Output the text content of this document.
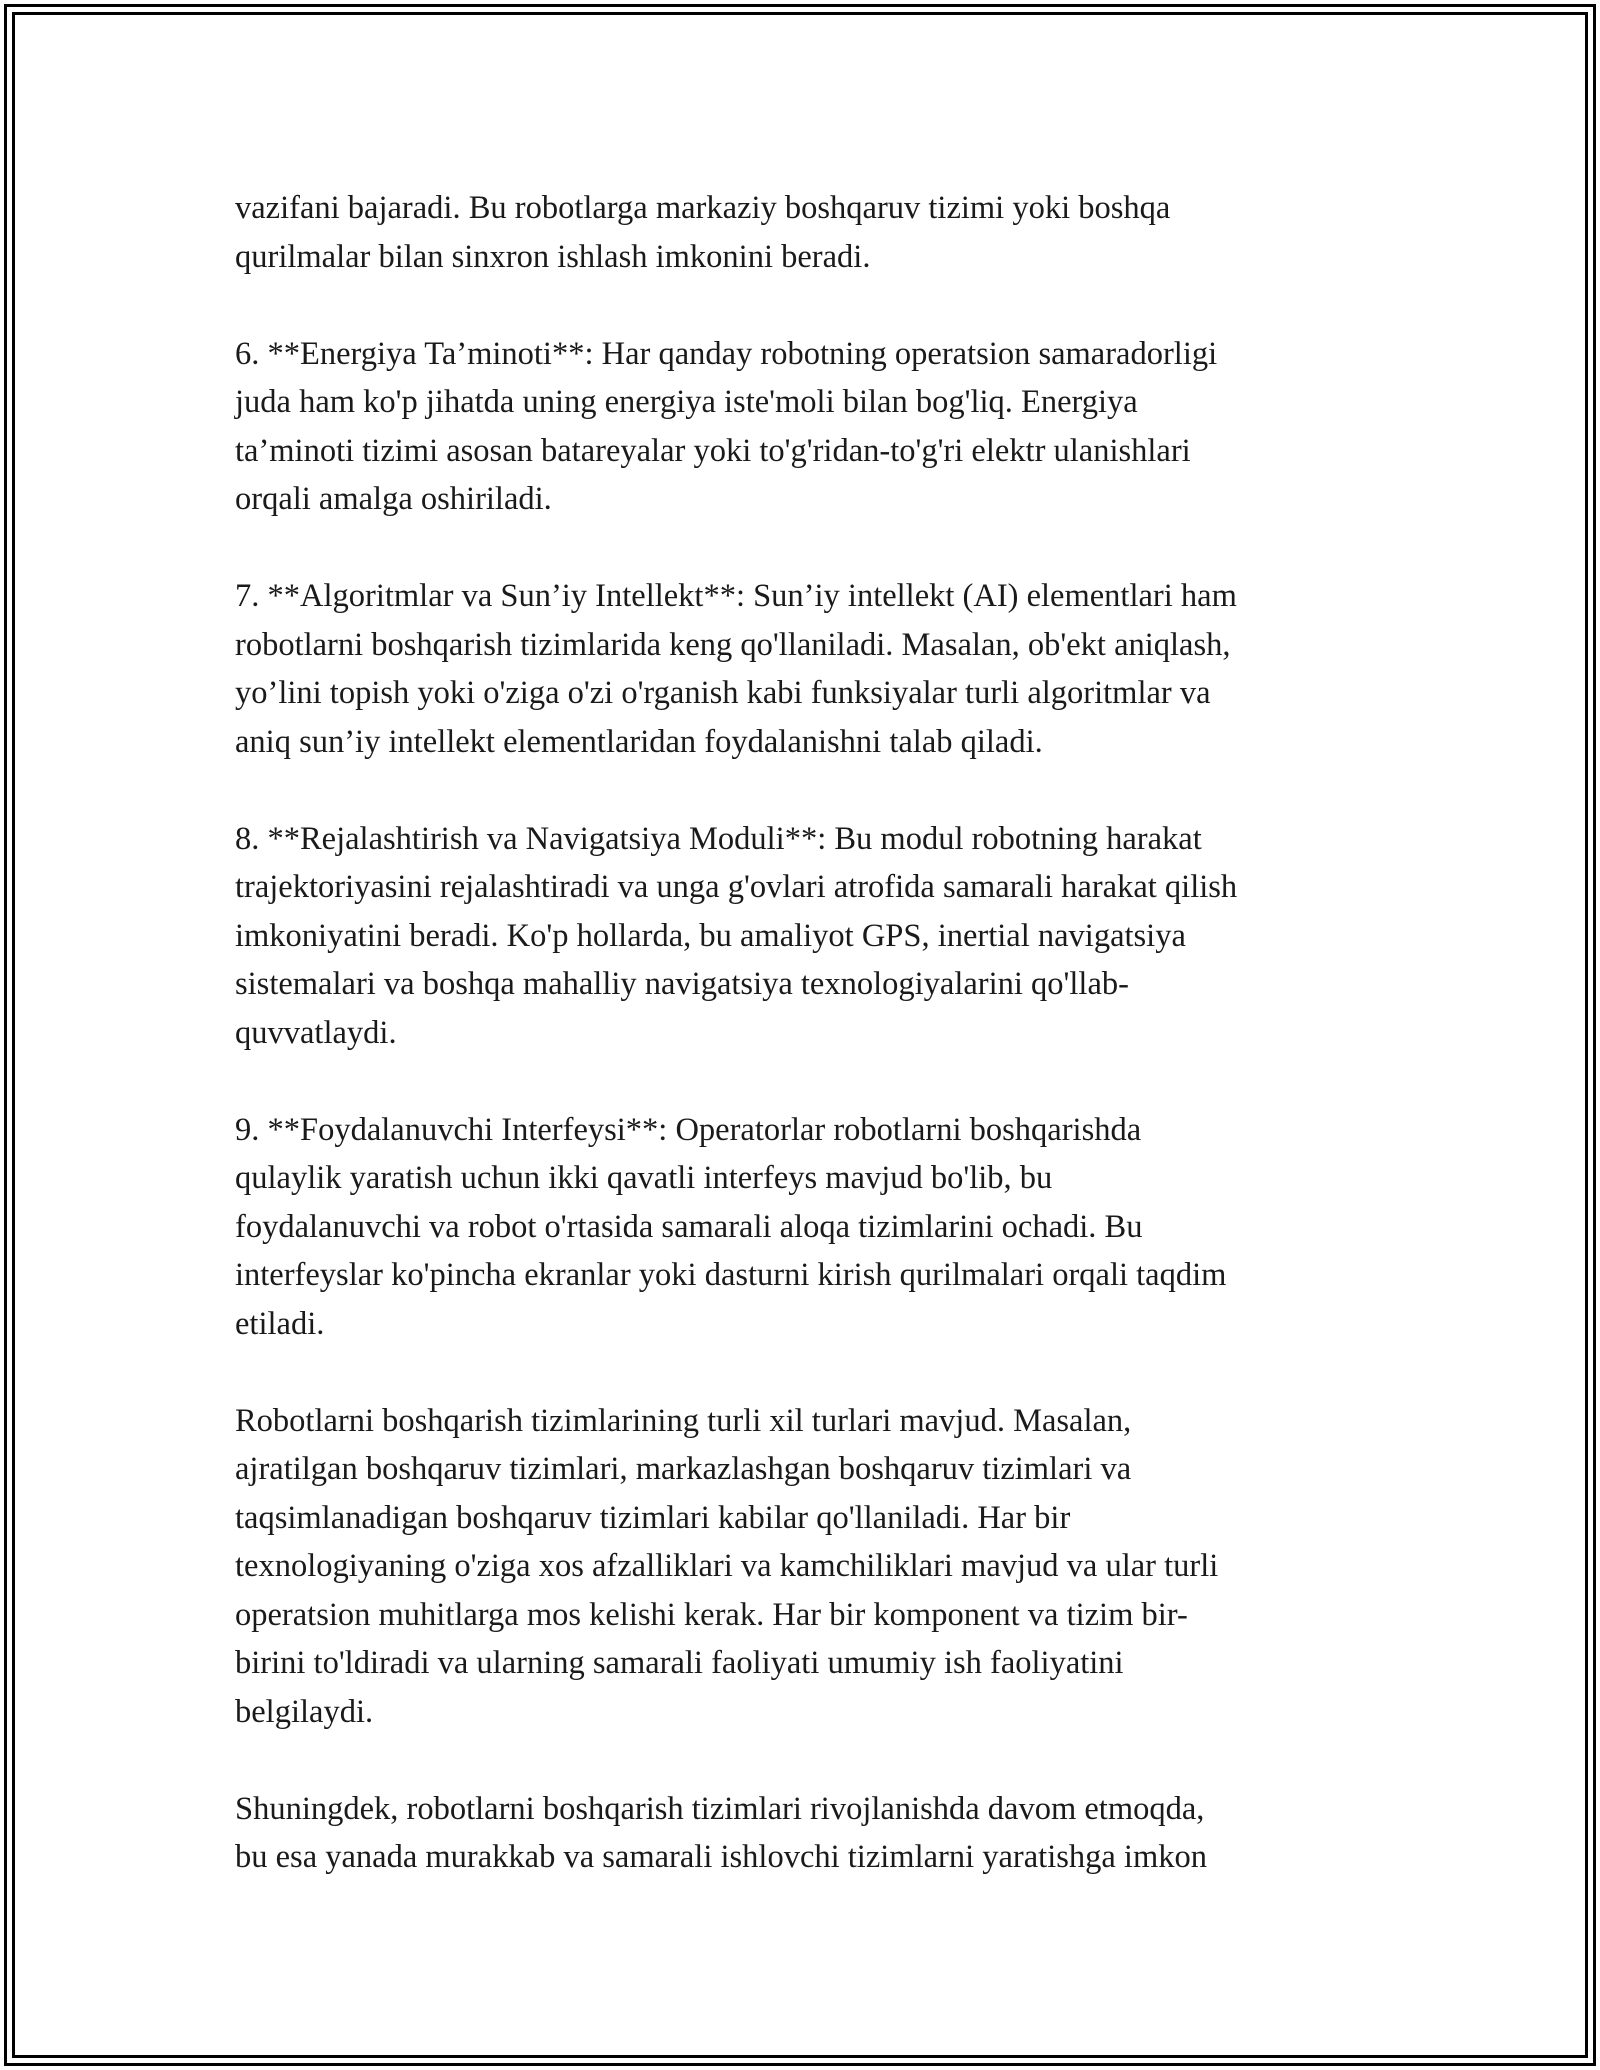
vazifani bajaradi. Bu robotlarga markaziy boshqaruv tizimi yoki boshqa
qurilmalar bilan sinxron ishlash imkonini beradi.

6. **Energiya Ta’minoti**: Har qanday robotning operatsion samaradorligi
juda ham ko'p jihatda uning energiya iste'moli bilan bog'liq. Energiya
ta’minoti tizimi asosan batareyalar yoki to'g'ridan-to'g'ri elektr ulanishlari
orqali amalga oshiriladi.

7. **Algoritmlar va Sun’iy Intellekt**: Sun’iy intellekt (AI) elementlari ham
robotlarni boshqarish tizimlarida keng qo'llaniladi. Masalan, ob'ekt aniqlash,
yo’lini topish yoki o'ziga o'zi o'rganish kabi funksiyalar turli algoritmlar va
aniq sun’iy intellekt elementlaridan foydalanishni talab qiladi.

8. **Rejalashtirish va Navigatsiya Moduli**: Bu modul robotning harakat
trajektoriyasini rejalashtiradi va unga g'ovlari atrofida samarali harakat qilish
imkoniyatini beradi. Ko'p hollarda, bu amaliyot GPS, inertial navigatsiya
sistemalari va boshqa mahalliy navigatsiya texnologiyalarini qo'llab-
quvvatlaydi.

9. **Foydalanuvchi Interfeysi**: Operatorlar robotlarni boshqarishda
qulaylik yaratish uchun ikki qavatli interfeys mavjud bo'lib, bu
foydalanuvchi va robot o'rtasida samarali aloqa tizimlarini ochadi. Bu
interfeyslar ko'pincha ekranlar yoki dasturni kirish qurilmalari orqali taqdim
etiladi.

Robotlarni boshqarish tizimlarining turli xil turlari mavjud. Masalan,
ajratilgan boshqaruv tizimlari, markazlashgan boshqaruv tizimlari va
taqsimlanadigan boshqaruv tizimlari kabilar qo'llaniladi. Har bir
texnologiyaning o'ziga xos afzalliklari va kamchiliklari mavjud va ular turli
operatsion muhitlarga mos kelishi kerak. Har bir komponent va tizim bir-
birini to'ldiradi va ularning samarali faoliyati umumiy ish faoliyatini
belgilaydi.

Shuningdek, robotlarni boshqarish tizimlari rivojlanishda davom etmoqda,
bu esa yanada murakkab va samarali ishlovchi tizimlarni yaratishga imkon
